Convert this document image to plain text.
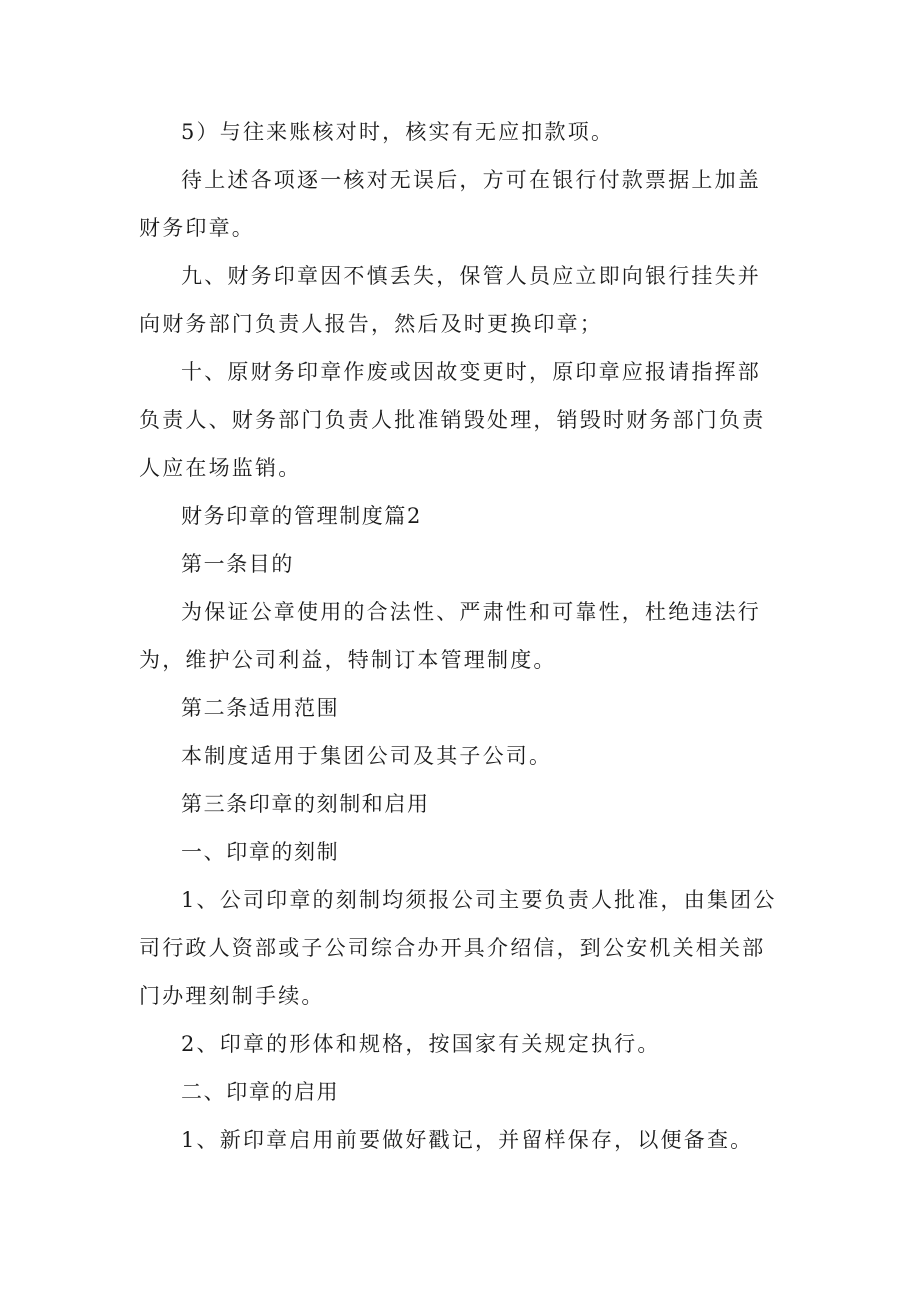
5）与往来账核对时，核实有无应扣款项。

待上述各项逐一核对无误后，方可在银行付款票据上加盖财务印章。

九、财务印章因不慎丢失，保管人员应立即向银行挂失并向财务部门负责人报告，然后及时更换印章；

十、原财务印章作废或因故变更时，原印章应报请指挥部负责人、财务部门负责人批准销毁处理，销毁时财务部门负责人应在场监销。

财务印章的管理制度篇2

第一条目的

为保证公章使用的合法性、严肃性和可靠性，杜绝违法行为，维护公司利益，特制订本管理制度。

第二条适用范围

本制度适用于集团公司及其子公司。

第三条印章的刻制和启用

一、印章的刻制

1、公司印章的刻制均须报公司主要负责人批准，由集团公司行政人资部或子公司综合办开具介绍信，到公安机关相关部门办理刻制手续。

2、印章的形体和规格，按国家有关规定执行。

二、印章的启用

1、新印章启用前要做好戳记，并留样保存，以便备查。
